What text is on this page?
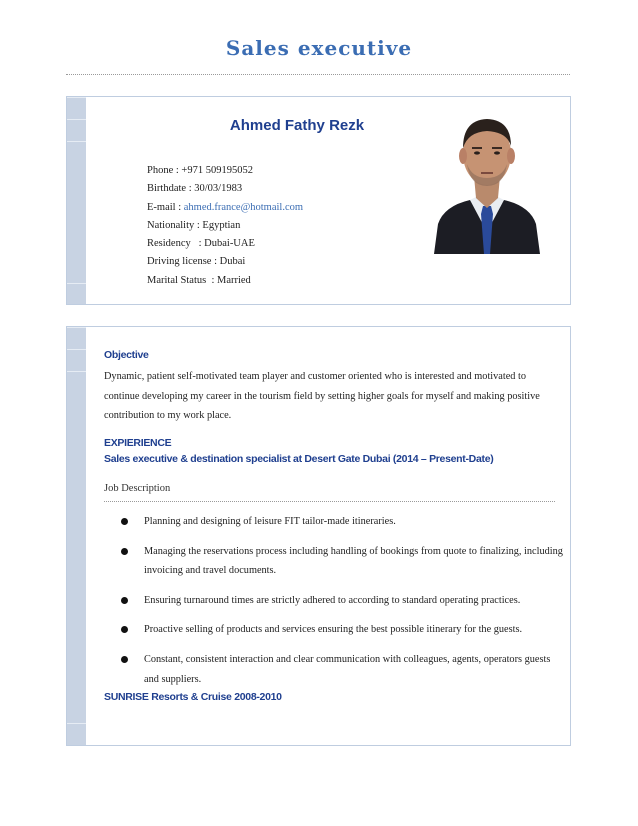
Sales executive
Ahmed Fathy Rezk
Phone : +971 509195052
Birthdate : 30/03/1983
E-mail : ahmed.france@hotmail.com
Nationality : Egyptian
Residency   : Dubai-UAE
Driving license : Dubai
Marital Status  : Married
Objective
Dynamic, patient self-motivated team player and customer oriented who is interested and motivated to continue developing my career in the tourism field by setting higher goals for myself and making positive contribution to my work place.
EXPIERIENCE
Sales executive & destination specialist at Desert Gate Dubai (2014 – Present-Date)
Job Description
Planning and designing of leisure FIT tailor-made itineraries.
Managing the reservations process including handling of bookings from quote to finalizing, including invoicing and travel documents.
Ensuring turnaround times are strictly adhered to according to standard operating practices.
Proactive selling of products and services ensuring the best possible itinerary for the guests.
Constant, consistent interaction and clear communication with colleagues, agents, operators guests and suppliers.
SUNRISE Resorts & Cruise 2008-2010
